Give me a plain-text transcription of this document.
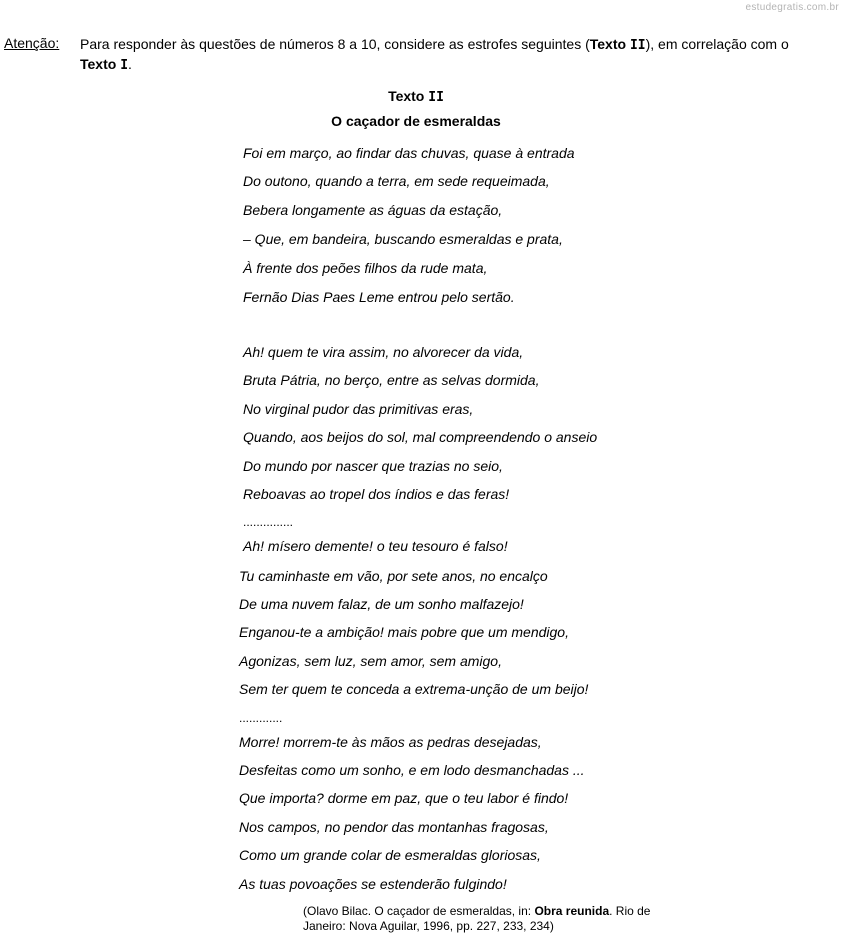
estudegratis.com.br
Atenção: Para responder às questões de números 8 a 10, considere as estrofes seguintes (Texto II), em correlação com o
Texto I.
Texto II
O caçador de esmeraldas
Foi em março, ao findar das chuvas, quase à entrada
Do outono, quando a terra, em sede requeimada,
Bebera longamente as águas da estação,
– Que, em bandeira, buscando esmeraldas e prata,
À frente dos peões filhos da rude mata,
Fernão Dias Paes Leme entrou pelo sertão.
Ah! quem te vira assim, no alvorecer da vida,
Bruta Pátria, no berço, entre as selvas dormida,
No virginal pudor das primitivas eras,
Quando, aos beijos do sol, mal compreendendo o anseio
Do mundo por nascer que trazias no seio,
Reboavas ao tropel dos índios e das feras!
...............
Ah! mísero demente! o teu tesouro é falso!
Tu caminhaste em vão, por sete anos, no encalço
De uma nuvem falaz, de um sonho malfazejo!
Enganou-te a ambição! mais pobre que um mendigo,
Agonizas, sem luz, sem amor, sem amigo,
Sem ter quem te conceda a extrema-unção de um beijo!
.............
Morre! morrem-te às mãos as pedras desejadas,
Desfeitas como um sonho, e em lodo desmanchadas ...
Que importa? dorme em paz, que o teu labor é findo!
Nos campos, no pendor das montanhas fragosas,
Como um grande colar de esmeraldas gloriosas,
As tuas povoações se estenderão fulgindo!
(Olavo Bilac. O caçador de esmeraldas, in: Obra reunida. Rio de Janeiro: Nova Aguilar, 1996, pp. 227, 233, 234)
